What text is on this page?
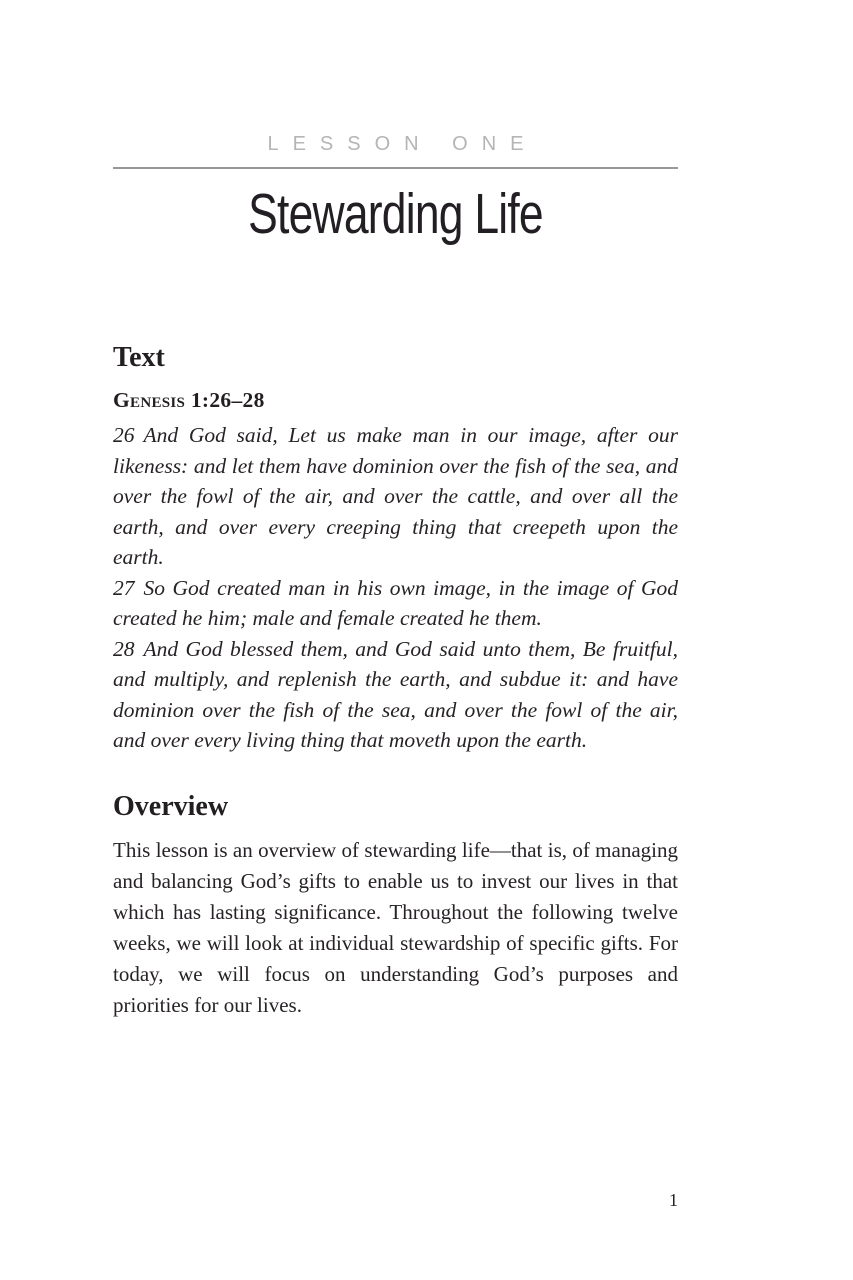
LESSON ONE
Stewarding Life
Text
Genesis 1:26–28

26 And God said, Let us make man in our image, after our likeness: and let them have dominion over the fish of the sea, and over the fowl of the air, and over the cattle, and over all the earth, and over every creeping thing that creepeth upon the earth.

27 So God created man in his own image, in the image of God created he him; male and female created he them.

28 And God blessed them, and God said unto them, Be fruitful, and multiply, and replenish the earth, and subdue it: and have dominion over the fish of the sea, and over the fowl of the air, and over every living thing that moveth upon the earth.

Overview

This lesson is an overview of stewarding life—that is, of managing and balancing God’s gifts to enable us to invest our lives in that which has lasting significance. Throughout the following twelve weeks, we will look at individual stewardship of specific gifts. For today, we will focus on understanding God’s purposes and priorities for our lives.

1
